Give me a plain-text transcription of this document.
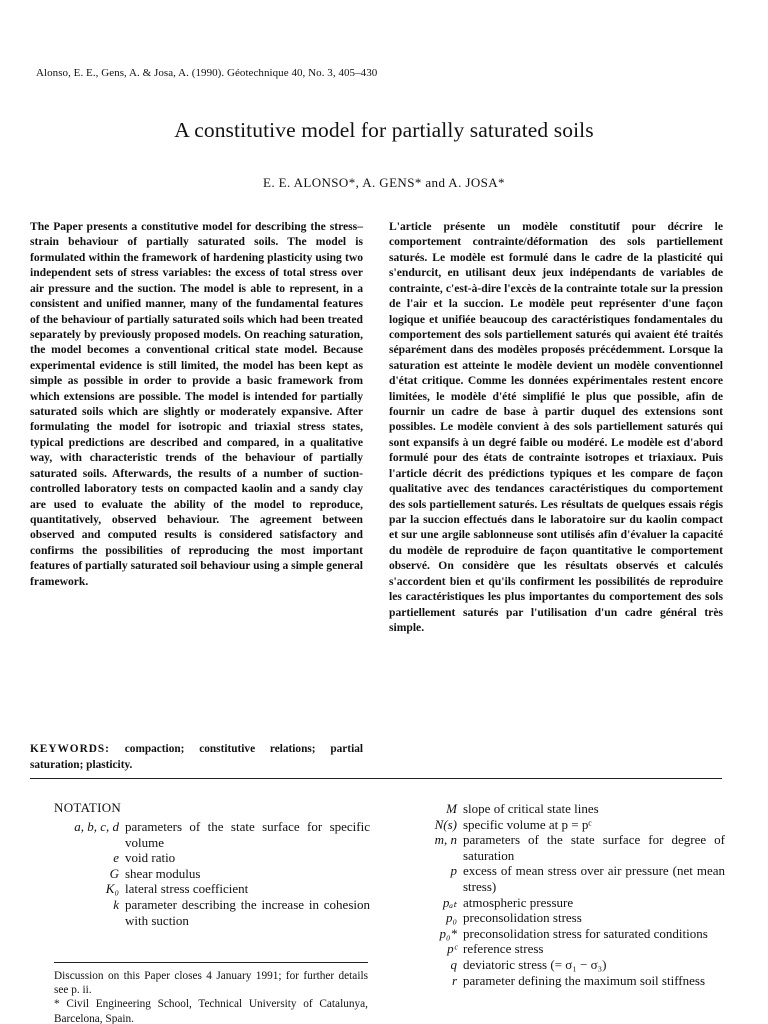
Alonso, E. E., Gens, A. & Josa, A. (1990). Géotechnique 40, No. 3, 405–430
A constitutive model for partially saturated soils
E. E. ALONSO*, A. GENS* and A. JOSA*

The Paper presents a constitutive model for describing the stress–strain behaviour of partially saturated soils. The model is formulated within the framework of hardening plasticity using two independent sets of stress variables: the excess of total stress over air pressure and the suction. The model is able to represent, in a consistent and unified manner, many of the fundamental features of the behaviour of partially saturated soils which had been treated separately by previously proposed models. On reaching saturation, the model becomes a conventional critical state model. Because experimental evidence is still limited, the model has been kept as simple as possible in order to provide a basic framework from which extensions are possible. The model is intended for partially saturated soils which are slightly or moderately expansive. After formulating the model for isotropic and triaxial stress states, typical predictions are described and compared, in a qualitative way, with characteristic trends of the behaviour of partially saturated soils. Afterwards, the results of a number of suction-controlled laboratory tests on compacted kaolin and a sandy clay are used to evaluate the ability of the model to reproduce, quantitatively, observed behaviour. The agreement between observed and computed results is considered satisfactory and confirms the possibilities of reproducing the most important features of partially saturated soil behaviour using a simple general framework.

L'article présente un modèle constitutif pour décrire le comportement contrainte/déformation des sols partiellement saturés. Le modèle est formulé dans le cadre de la plasticité qui s'endurcit, en utilisant deux jeux indépendants de variables de contrainte, c'est-à-dire l'excès de la contrainte totale sur la pression de l'air et la succion. Le modèle peut représenter d'une façon logique et unifiée beaucoup des caractéristiques fondamentales du comportement des sols partiellement saturés qui avaient été traités séparément dans des modèles proposés précédemment. Lorsque la saturation est atteinte le modèle devient un modèle conventionnel d'état critique. Comme les données expérimentales restent encore limitées, le modèle d'été simplifié le plus que possible, afin de fournir un cadre de base à partir duquel des extensions sont possibles. Le modèle convient à des sols partiellement saturés qui sont expansifs à un degré faible ou modéré. Le modèle est d'abord formulé pour des états de contrainte isotropes et triaxiaux. Puis l'article décrit des prédictions typiques et les compare de façon qualitative avec des tendances caractéristiques du comportement des sols partiellement saturés. Les résultats de quelques essais régis par la succion effectués dans le laboratoire sur du kaolin compact et sur une argile sablonneuse sont utilisés afin d'évaluer la capacité du modèle de reproduire de façon quantitative le comportement observé. On considère que les résultats observés et calculés s'accordent bien et qu'ils confirment les possibilités de reproduire les caractéristiques les plus importantes du comportement des sols partiellement saturés par l'utilisation d'un cadre général très simple.

KEYWORDS: compaction; constitutive relations; partial saturation; plasticity.
NOTATION
a, b, c, d parameters of the state surface for specific volume
e void ratio
G shear modulus
K₀ lateral stress coefficient
k parameter describing the increase in cohesion with suction
M slope of critical state lines
N(s) specific volume at p = pᶜ
m, n parameters of the state surface for degree of saturation
p excess of mean stress over air pressure (net mean stress)
pₐₜ atmospheric pressure
p₀ preconsolidation stress
p₀* preconsolidation stress for saturated conditions
pᶜ reference stress
q deviatoric stress (= σ₁ − σ₃)
r parameter defining the maximum soil stiffness

Discussion on this Paper closes 4 January 1991; for further details see p. ii.

* Civil Engineering School, Technical University of Catalunya, Barcelona, Spain.
